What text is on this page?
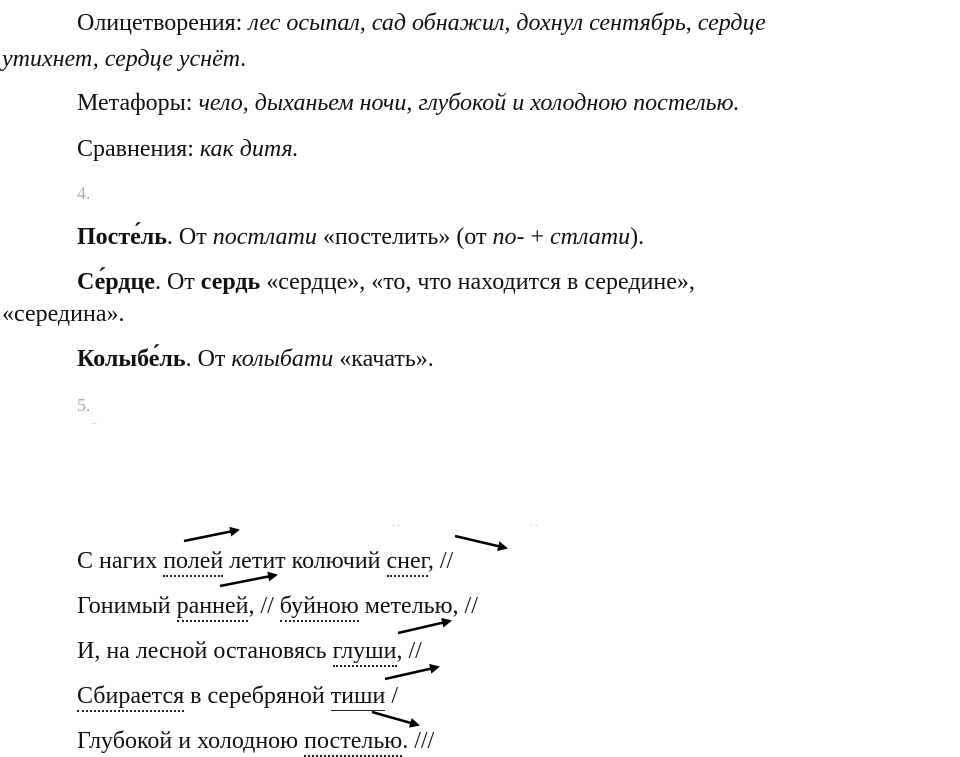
Олицетворения: лес осыпал, сад обнажил, дохнул сентябрь, сердце
утихнет, сердце уснёт.
Метафоры: чело, дыханьем ночи, глубокой и холодною постелью.
Сравнения: как дитя.
4.
Посте́ль. От постлати «постелить» (от по- + стлати).
Се́рдце. От сердь «сердце», «то, что находится в середине»,
«середина».
Колыбе́ль. От колыбати «качать».
5.
..
. .	. .
С нагих полей летит колючий снег, //
Гонимый ранней, // буйною метелью, //
И, на лесной остановясь глуши, //
Сбирается в серебряной тиши /
Глубокой и холодною постелью. ///
